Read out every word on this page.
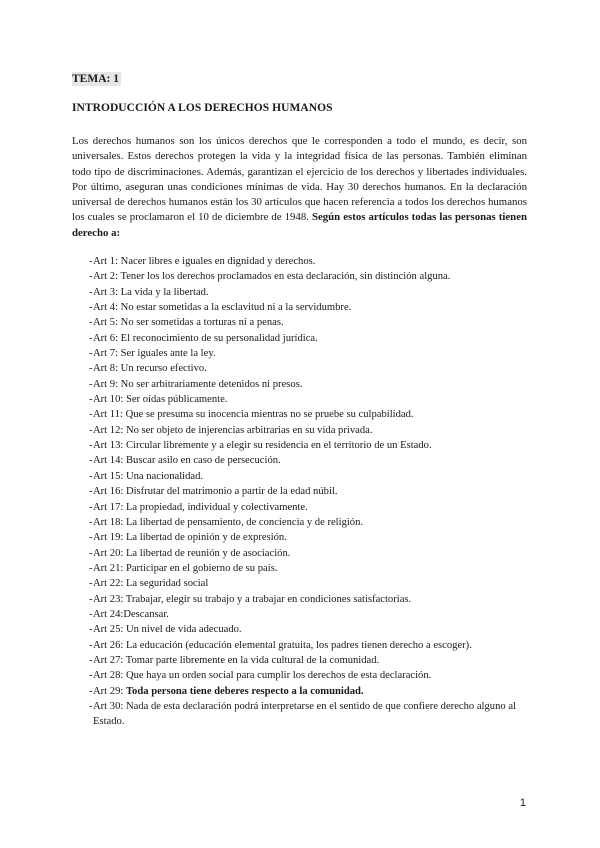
TEMA: 1
INTRODUCCIÓN A LOS DERECHOS HUMANOS
Los derechos humanos son los únicos derechos que le corresponden a todo el mundo, es decir, son universales. Estos derechos protegen la vida y la integridad física de las personas. También eliminan todo tipo de discriminaciones. Además, garantizan el ejercicio de los derechos y libertades individuales. Por último, aseguran unas condiciones mínimas de vida. Hay 30 derechos humanos. En la declaración universal de derechos humanos están los 30 artículos que hacen referencia a todos los derechos humanos los cuales se proclamaron el 10 de diciembre de 1948. Según estos artículos todas las personas tienen derecho a:
- Art 1: Nacer libres e iguales en dignidad y derechos.
- Art 2: Tener los los derechos proclamados en esta declaración, sin distinción alguna.
- Art 3: La vida y la libertad.
- Art 4: No estar sometidas a la esclavitud ni a la servidumbre.
- Art 5: No ser sometidas a torturas ni a penas.
- Art 6: El reconocimiento de su personalidad jurídica.
- Art 7: Ser iguales ante la ley.
- Art 8: Un recurso efectivo.
- Art 9: No ser arbitrariamente detenidos ni presos.
- Art 10: Ser oídas públicamente.
- Art 11: Que se presuma su inocencia mientras no se pruebe su culpabilidad.
- Art 12: No ser objeto de injerencias arbitrarias en su vida privada.
- Art 13: Circular libremente y a elegir su residencia en el territorio de un Estado.
- Art 14: Buscar asilo en caso de persecución.
- Art 15: Una nacionalidad.
- Art 16: Disfrutar del matrimonio a partir de la edad núbil.
- Art 17: La propiedad, individual y colectivamente.
- Art 18: La libertad de pensamiento, de conciencia y de religión.
- Art 19: La libertad de opinión y de expresión.
- Art 20: La libertad de reunión y de asociación.
- Art 21: Participar en el gobierno de su país.
- Art 22: La seguridad social
- Art 23: Trabajar, elegir su trabajo y a trabajar en condiciones satisfactorias.
- Art 24:Descansar.
- Art 25: Un nivel de vida adecuado.
- Art 26: La educación (educación elemental gratuita, los padres tienen derecho a escoger).
- Art 27: Tomar parte libremente en la vida cultural de la comunidad.
- Art 28: Que haya un orden social para cumplir los derechos de esta declaración.
- Art 29: Toda persona tiene deberes respecto a la comunidad.
- Art 30: Nada de esta declaración podrá interpretarse en el sentido de que confiere derecho alguno al Estado.
1
